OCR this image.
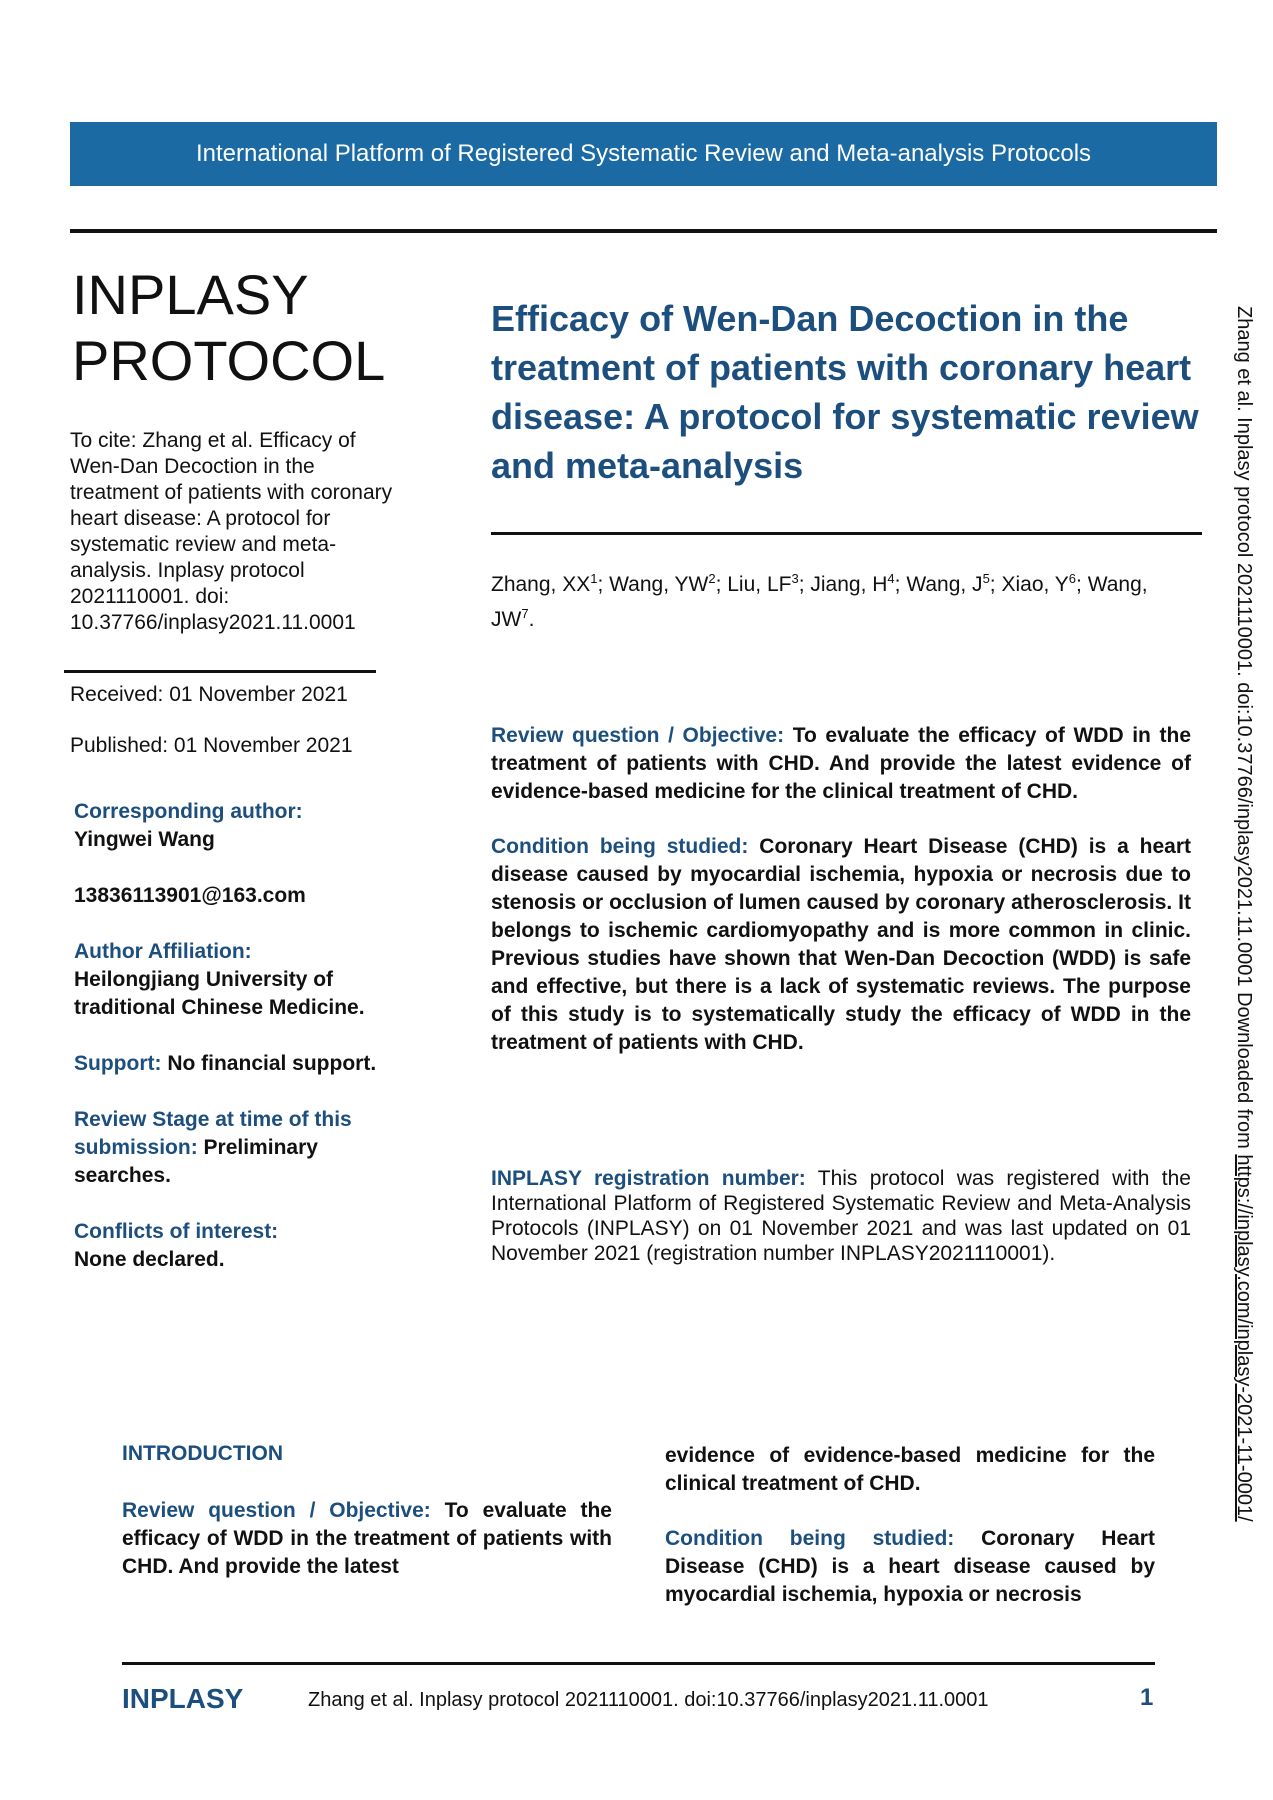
International Platform of Registered Systematic Review and Meta-analysis Protocols
INPLASY
PROTOCOL
To cite: Zhang et al. Efficacy of Wen-Dan Decoction in the treatment of patients with coronary heart disease: A protocol for systematic review and meta-analysis. Inplasy protocol 2021110001. doi: 10.37766/inplasy2021.11.0001
Received: 01 November 2021
Published: 01 November 2021
Corresponding author:
Yingwei Wang
13836113901@163.com
Author Affiliation:
Heilongjiang University of traditional Chinese Medicine.
Support: No financial support.
Review Stage at time of this submission: Preliminary searches.
Conflicts of interest:
None declared.
Efficacy of Wen-Dan Decoction in the treatment of patients with coronary heart disease: A protocol for systematic review and meta-analysis
Zhang, $XX^1$; Wang, $YW^2$; Liu, $LF^3$; Jiang, $H^4$; Wang, $J^5$; Xiao, $Y^6$; Wang, $JW^7$.
Review question / Objective: To evaluate the efficacy of WDD in the treatment of patients with CHD. And provide the latest evidence of evidence-based medicine for the clinical treatment of CHD.
Condition being studied: Coronary Heart Disease (CHD) is a heart disease caused by myocardial ischemia, hypoxia or necrosis due to stenosis or occlusion of lumen caused by coronary atherosclerosis. It belongs to ischemic cardiomyopathy and is more common in clinic. Previous studies have shown that Wen-Dan Decoction (WDD) is safe and effective, but there is a lack of systematic reviews. The purpose of this study is to systematically study the efficacy of WDD in the treatment of patients with CHD.
INPLASY registration number: This protocol was registered with the International Platform of Registered Systematic Review and Meta-Analysis Protocols (INPLASY) on 01 November 2021 and was last updated on 01 November 2021 (registration number INPLASY2021110001).
INTRODUCTION
Review question / Objective: To evaluate the efficacy of WDD in the treatment of patients with CHD. And provide the latest
evidence of evidence-based medicine for the clinical treatment of CHD.
Condition being studied: Coronary Heart Disease (CHD) is a heart disease caused by myocardial ischemia, hypoxia or necrosis
Zhang et al. Inplasy protocol 2021110001. doi:10.37766/inplasy2021.11.0001 Downloaded from https://inplasy.com/inplasy-2021-11-0001/
INPLASY	Zhang et al. Inplasy protocol 2021110001. doi:10.37766/inplasy2021.11.0001	1
